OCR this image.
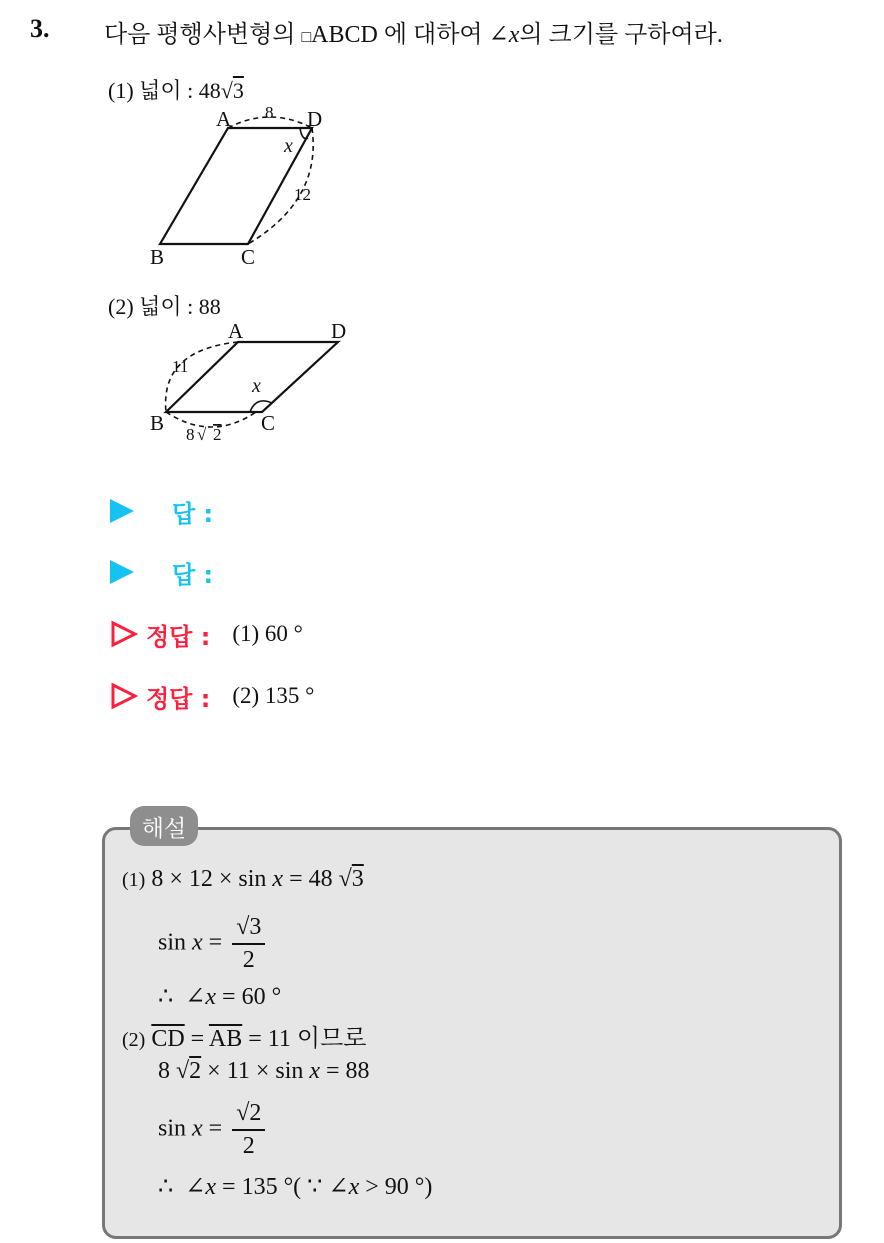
3. 다음 평행사변형의 □ABCD 에 대하여 ∠x의 크기를 구하여라.
(1) 넓이 : 48√3
A	D
B	C
8
12
x
(2) 넓이 : 88
A	D
B	C
11
8 √ 2
x
답 :
답 :
정답 : (1) 60 °
정답 : (2) 135 °
해설
(1) 8 × 12 × sin x = 48 √3
$\sin x = \frac{√3}{2}$
∴ ∠x = 60 °
(2) $\overline{CD} = \overline{AB} = 11$ 이므로
8 √2 × 11 × sin x = 88
$\sin x = \frac{√2}{2}$
∴ ∠x = 135 °( ∵ ∠x > 90 °)
